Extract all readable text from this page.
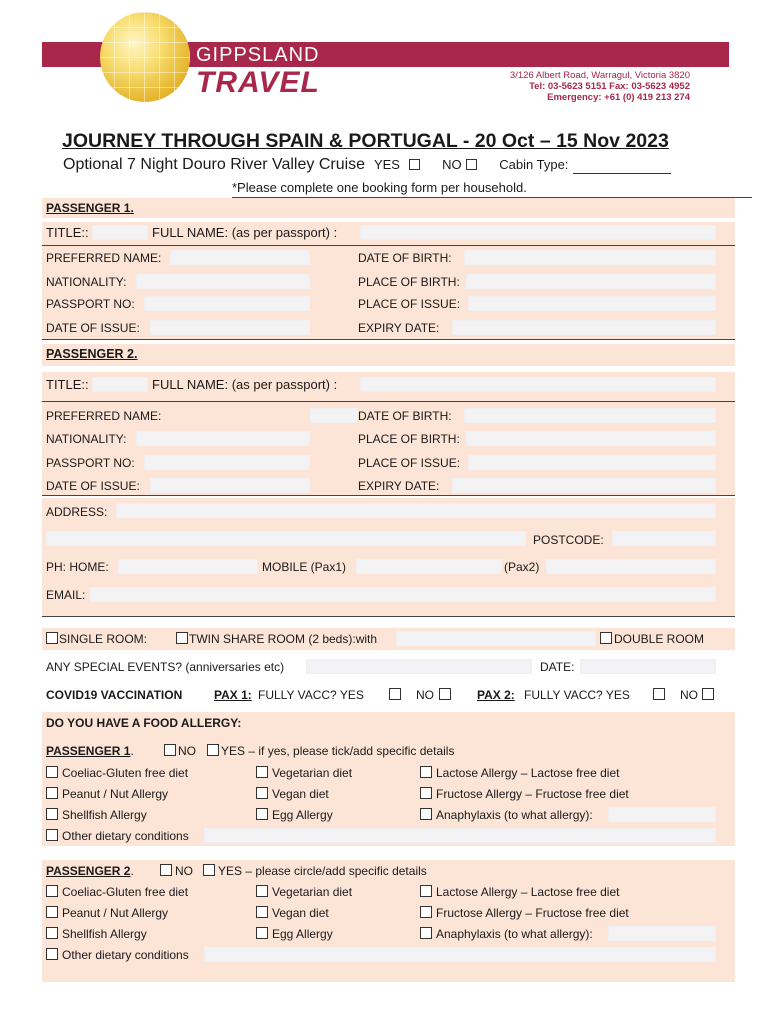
GIPPSLAND
TRAVEL	3/126 Albert Road, Warragul, Victoria 3820
Tel: 03-5623 5151 Fax: 03-5623 4952
Emergency: +61 (0) 419 213 274
JOURNEY THROUGH SPAIN & PORTUGAL - 20 Oct – 15 Nov 2023
Optional 7 Night Douro River Valley Cruise YES	NO	Cabin Type:
*Please complete one booking form per household.
PASSENGER 1.
TITLE::	FULL NAME: (as per passport) :
PREFERRED NAME:	DATE OF BIRTH:
NATIONALITY:	PLACE OF BIRTH:
PASSPORT NO:	PLACE OF ISSUE:
DATE OF ISSUE:	EXPIRY DATE:
PASSENGER 2.
TITLE::	FULL NAME: (as per passport) :
PREFERRED NAME:	DATE OF BIRTH:
NATIONALITY:	PLACE OF BIRTH:
PASSPORT NO:	PLACE OF ISSUE:
DATE OF ISSUE:	EXPIRY DATE:
ADDRESS:
POSTCODE:
PH: HOME:	MOBILE (Pax1)	(Pax2)
EMAIL:
SINGLE ROOM:	TWIN SHARE ROOM (2 beds):with	DOUBLE ROOM
ANY SPECIAL EVENTS? (anniversaries etc)	DATE:
COVID19 VACCINATION	PAX 1: FULLY VACC? YES	NO	PAX 2: FULLY VACC? YES	NO
DO YOU HAVE A FOOD ALLERGY:
PASSENGER 1.	NO YES – if yes, please tick/add specific details
Coeliac-Gluten free diet	Vegetarian diet	Lactose Allergy – Lactose free diet
Peanut / Nut Allergy	Vegan diet	Fructose Allergy – Fructose free diet
Shellfish Allergy	Egg Allergy	Anaphylaxis (to what allergy):
Other dietary conditions
PASSENGER 2.	NO YES – please circle/add specific details
Coeliac-Gluten free diet	Vegetarian diet	Lactose Allergy – Lactose free diet
Peanut / Nut Allergy	Vegan diet	Fructose Allergy – Fructose free diet
Shellfish Allergy	Egg Allergy	Anaphylaxis (to what allergy):
Other dietary conditions
